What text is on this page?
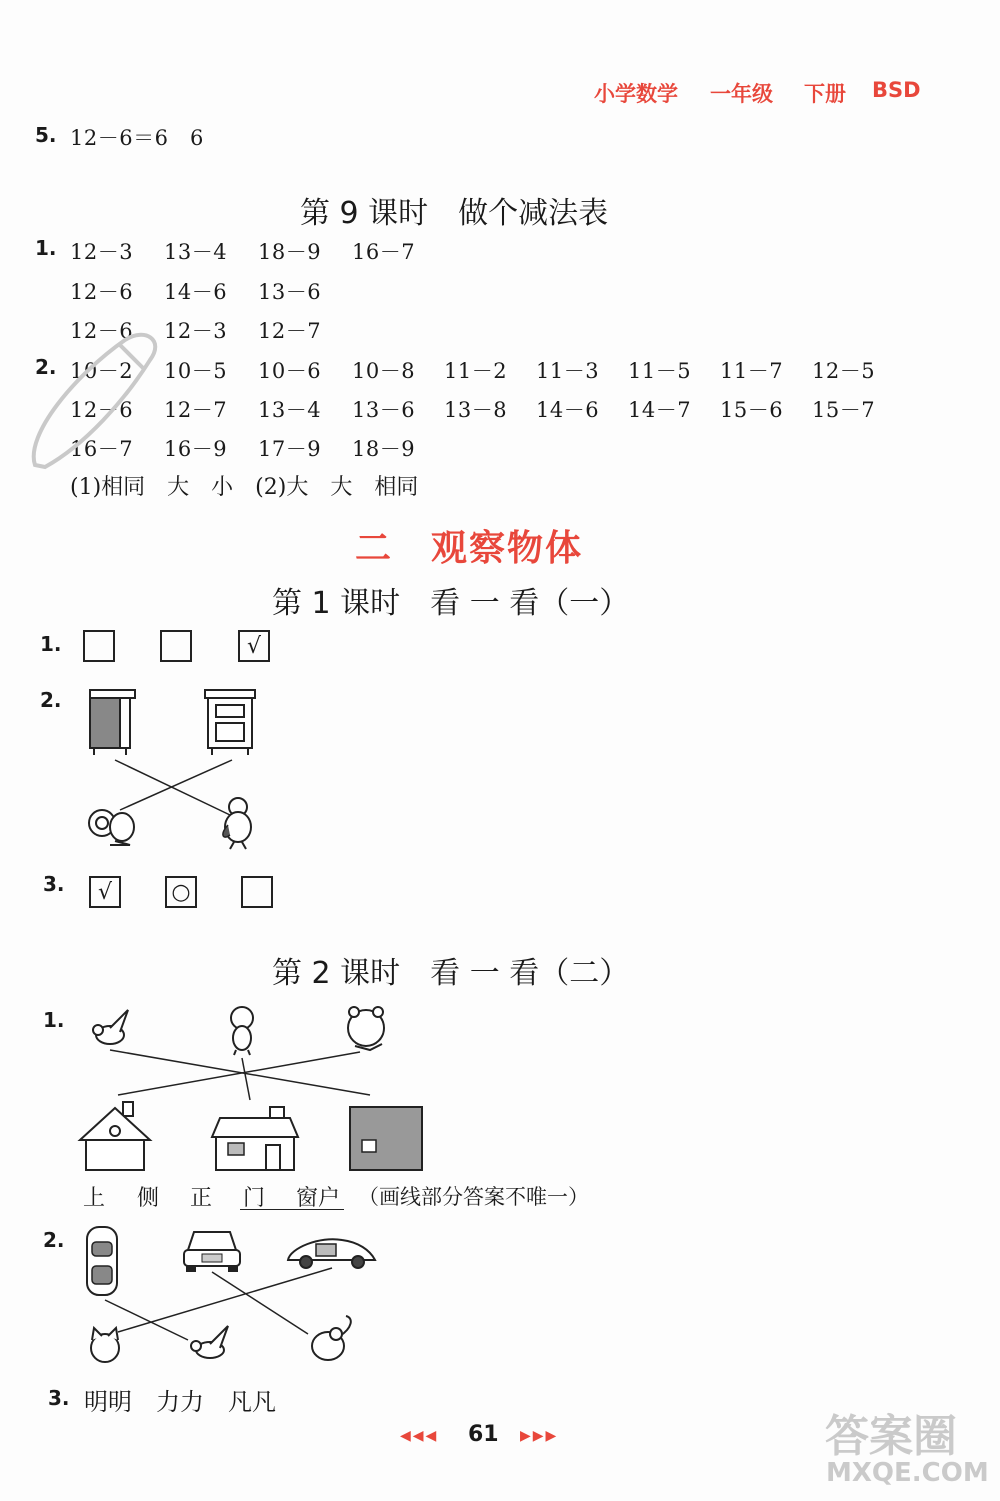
小学数学 一年级 下册 BSD
5. 12－6＝6　6
第 9 课时　做个减法表
1. 12－3 13－4 18－9 16－7
12－6 14－6 13－6
12－6 12－3 12－7
2. 10－2 10－5 10－6 10－8 11－2 11－3 11－5 11－7 12－5
12－6 12－7 13－4 13－6 13－8 14－6 14－7 15－6 15－7
16－7 16－9 17－9 18－9
(1)相同　大　小　(2)大　大　相同
二　观察物体
第 1 课时　看 一 看（一）
1.	√
2.
3.	√	○
第 2 课时　看 一 看（二）
1.
上 侧 正 门 窗户 （画线部分答案不唯一）
2.
3. 明明　力力　凡凡
◀◀◀ 61 ▶▶▶	答案圈
MXQE.COM
